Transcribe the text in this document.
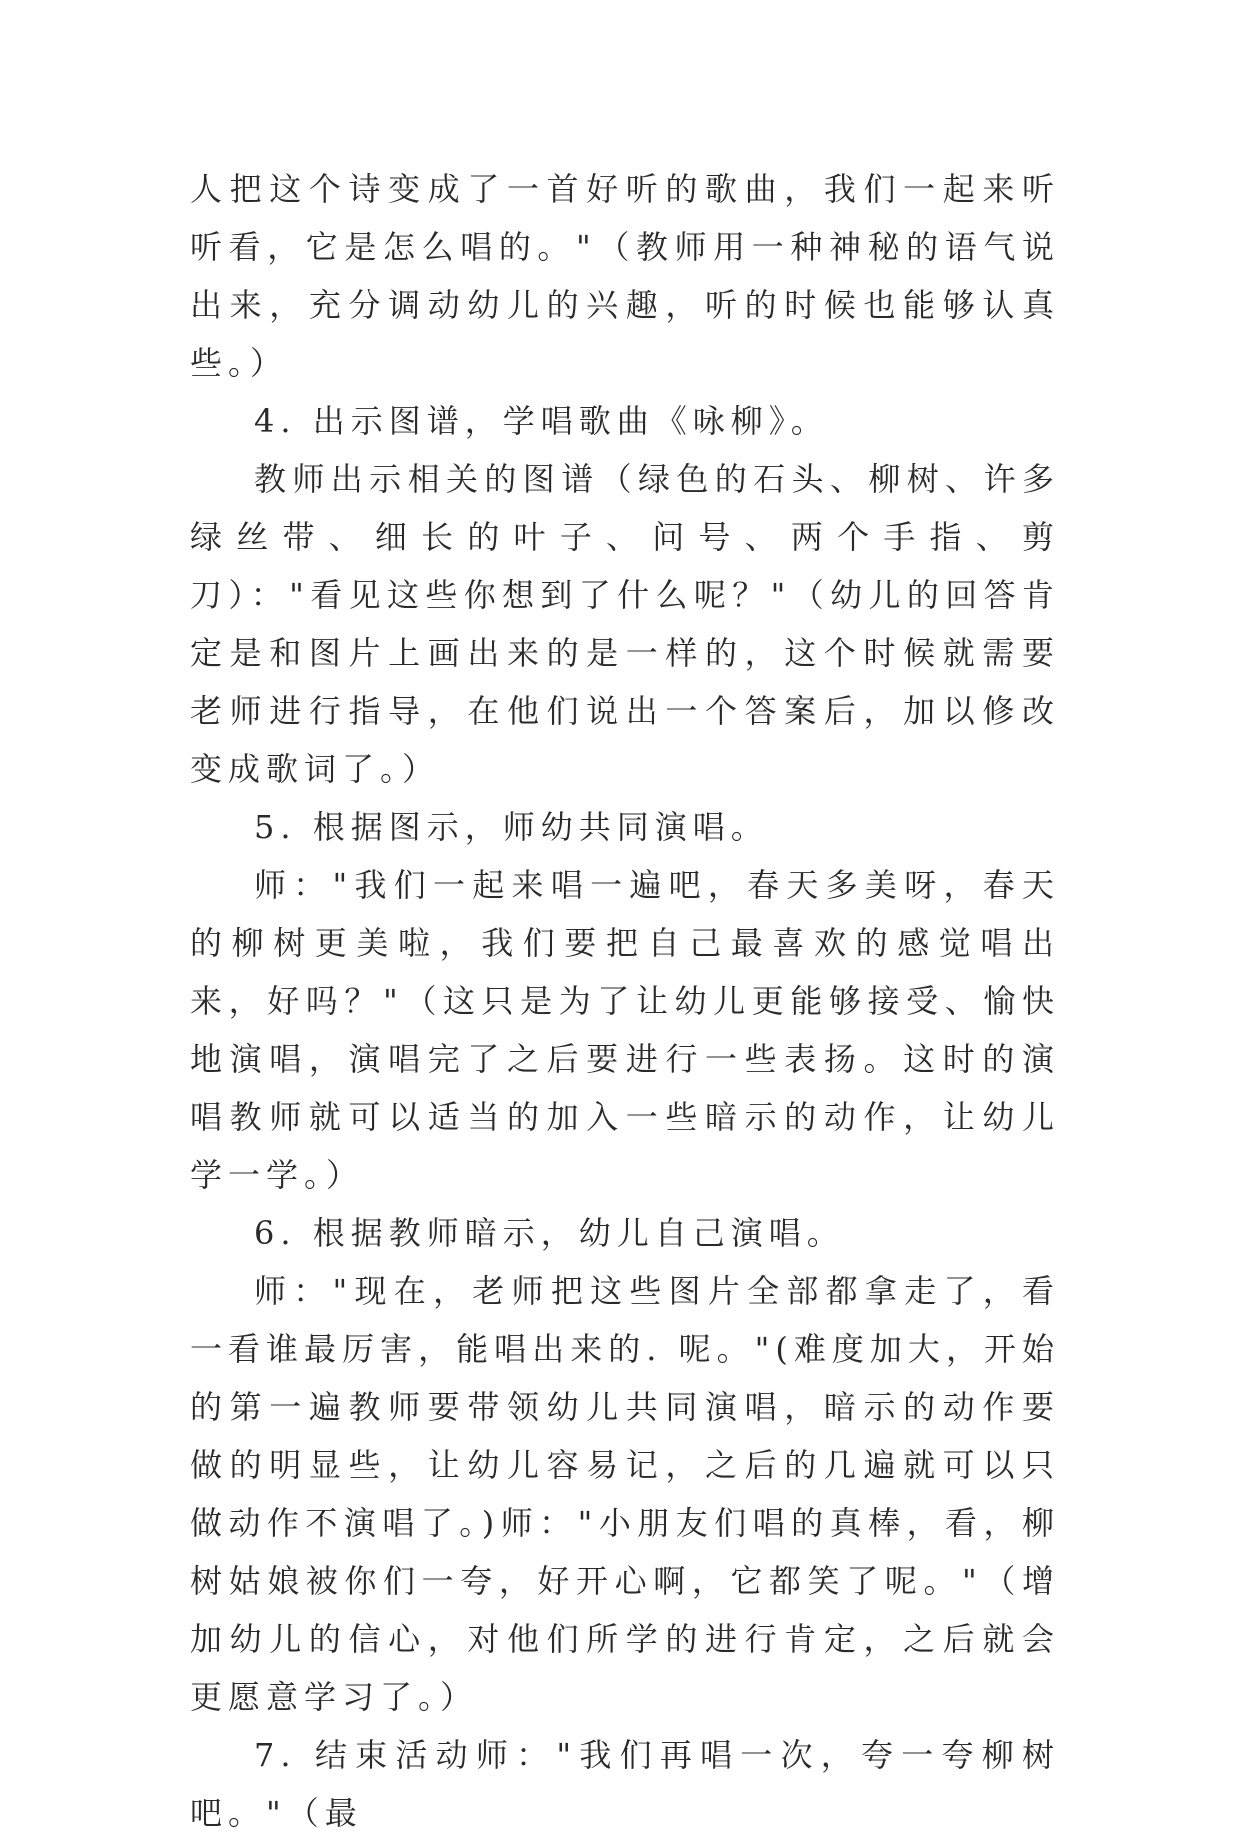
人把这个诗变成了一首好听的歌曲，我们一起来听听看，它是怎么唱的。"（教师用一种神秘的语气说出来，充分调动幼儿的兴趣，听的时候也能够认真些。）

4. 出示图谱，学唱歌曲《咏柳》。

教师出示相关的图谱（绿色的石头、柳树、许多绿丝带、细长的叶子、问号、两个手指、剪刀）："看见这些你想到了什么呢？"（幼儿的回答肯定是和图片上画出来的是一样的，这个时候就需要老师进行指导，在他们说出一个答案后，加以修改变成歌词了。）

5. 根据图示，师幼共同演唱。

师："我们一起来唱一遍吧，春天多美呀，春天的柳树更美啦，我们要把自己最喜欢的感觉唱出来，好吗？"（这只是为了让幼儿更能够接受、愉快地演唱，演唱完了之后要进行一些表扬。这时的演唱教师就可以适当的加入一些暗示的动作，让幼儿学一学。）

6. 根据教师暗示，幼儿自己演唱。

师："现在，老师把这些图片全部都拿走了，看一看谁最厉害，能唱出来的. 呢。"(难度加大，开始的第一遍教师要带领幼儿共同演唱，暗示的动作要做的明显些，让幼儿容易记，之后的几遍就可以只做动作不演唱了。)师："小朋友们唱的真棒，看，柳树姑娘被你们一夸，好开心啊，它都笑了呢。"（增加幼儿的信心，对他们所学的进行肯定，之后就会更愿意学习了。）

7. 结束活动师："我们再唱一次，夸一夸柳树吧。"（最
